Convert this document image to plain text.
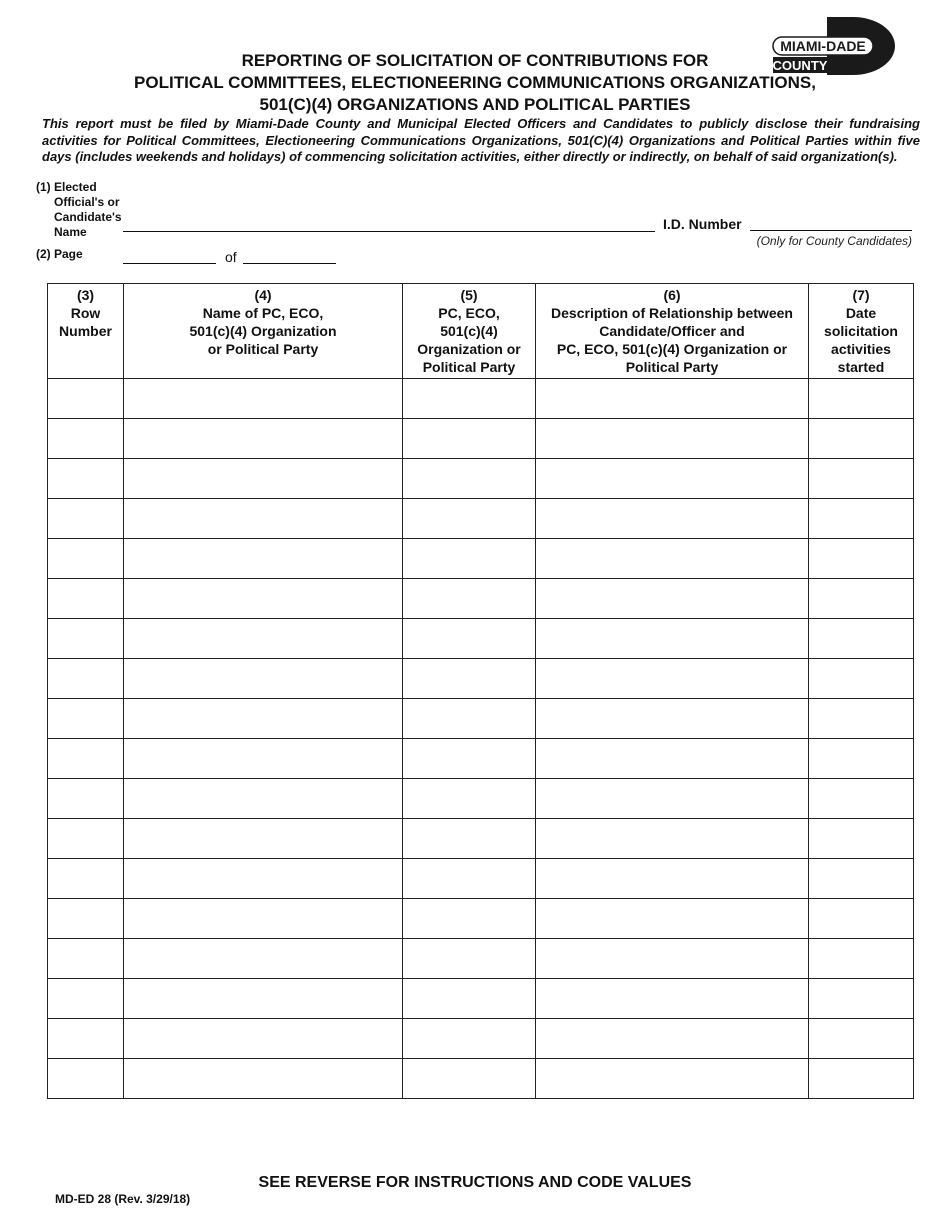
REPORTING OF SOLICITATION OF CONTRIBUTIONS FOR
POLITICAL COMMITTEES, ELECTIONEERING COMMUNICATIONS ORGANIZATIONS,
501(C)(4) ORGANIZATIONS AND POLITICAL PARTIES
MIAMI-DADE
COUNTY
This report must be filed by Miami-Dade County and Municipal Elected Officers and Candidates to publicly disclose their fundraising activities for Political Committees, Electioneering Communications Organizations, 501(C)(4) Organizations and Political Parties within five days (includes weekends and holidays) of commencing solicitation activities, either directly or indirectly, on behalf of said organization(s).
(1) Elected
Official's or
Candidate's
Name	I.D. Number
(Only for County Candidates)
(2) Page	of
(3)
Row
Number	(4)
Name of PC, ECO,
501(c)(4) Organization
or Political Party	(5)
PC, ECO,
501(c)(4)
Organization or
Political Party	(6)
Description of Relationship between
Candidate/Officer and
PC, ECO, 501(c)(4) Organization or
Political Party	(7)
Date
solicitation
activities
started

SEE REVERSE FOR INSTRUCTIONS AND CODE VALUES
MD-ED 28 (Rev. 3/29/18)
